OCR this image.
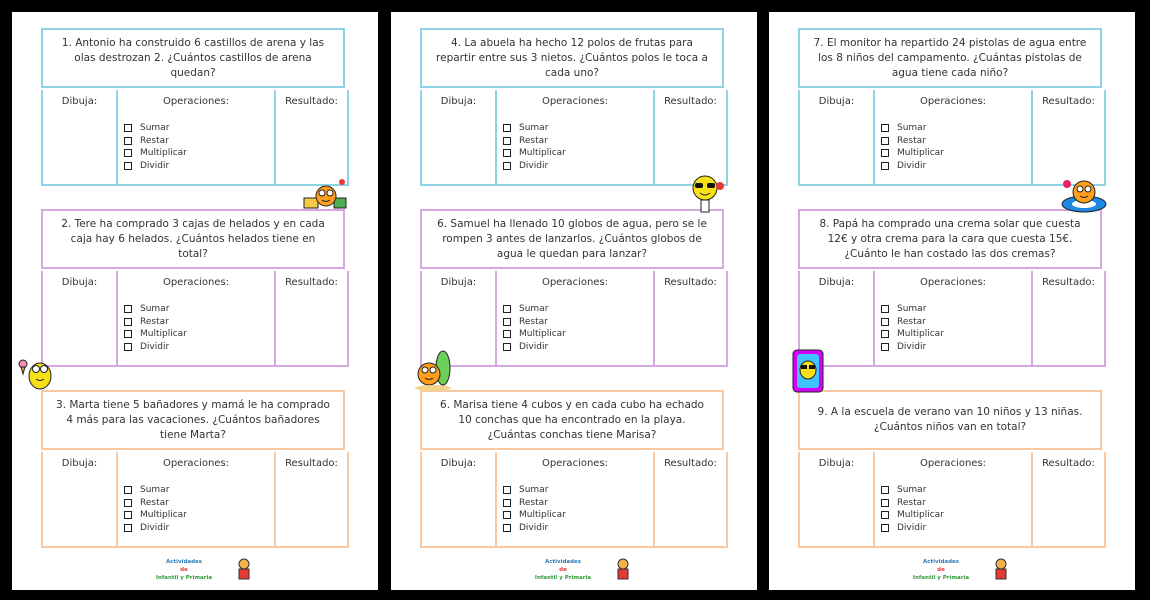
1. Antonio ha construido 6 castillos de arena y las olas destrozan 2. ¿Cuántos castillos de arena quedan?
Dibuja:	Operaciones:
Sumar
Restar
Multiplicar
Dividir
Resultado:
2. Tere ha comprado 3 cajas de helados y en cada caja hay 6 helados. ¿Cuántos helados tiene en total?
Dibuja:	Operaciones:
Sumar
Restar
Multiplicar
Dividir
Resultado:
3. Marta tiene 5 bañadores y mamá le ha comprado 4 más para las vacaciones. ¿Cuántos bañadores tiene Marta?
Dibuja:	Operaciones:
Sumar
Restar
Multiplicar
Dividir
Resultado:
Actividades
de
Infantil y Primaria
4. La abuela ha hecho 12 polos de frutas para repartir entre sus 3 nietos. ¿Cuántos polos le toca a cada uno?
Dibuja:	Operaciones:
Sumar
Restar
Multiplicar
Dividir
Resultado:
6. Samuel ha llenado 10 globos de agua, pero se le rompen 3 antes de lanzarlos. ¿Cuántos globos de agua le quedan para lanzar?
Dibuja:	Operaciones:
Sumar
Restar
Multiplicar
Dividir
Resultado:
6. Marisa tiene 4 cubos y en cada cubo ha echado 10 conchas que ha encontrado en la playa. ¿Cuántas conchas tiene Marisa?
Dibuja:	Operaciones:
Sumar
Restar
Multiplicar
Dividir
Resultado:
Actividades
de
Infantil y Primaria
7. El monitor ha repartido 24 pistolas de agua entre los 8 niños del campamento. ¿Cuántas pistolas de agua tiene cada niño?
Dibuja:	Operaciones:
Sumar
Restar
Multiplicar
Dividir
Resultado:
8. Papá ha comprado una crema solar que cuesta 12€ y otra crema para la cara que cuesta 15€. ¿Cuánto le han costado las dos cremas?
Dibuja:	Operaciones:
Sumar
Restar
Multiplicar
Dividir
Resultado:
9. A la escuela de verano van 10 niños y 13 niñas. ¿Cuántos niños van en total?
Dibuja:	Operaciones:
Sumar
Restar
Multiplicar
Dividir
Resultado:
Actividades
de
Infantil y Primaria
